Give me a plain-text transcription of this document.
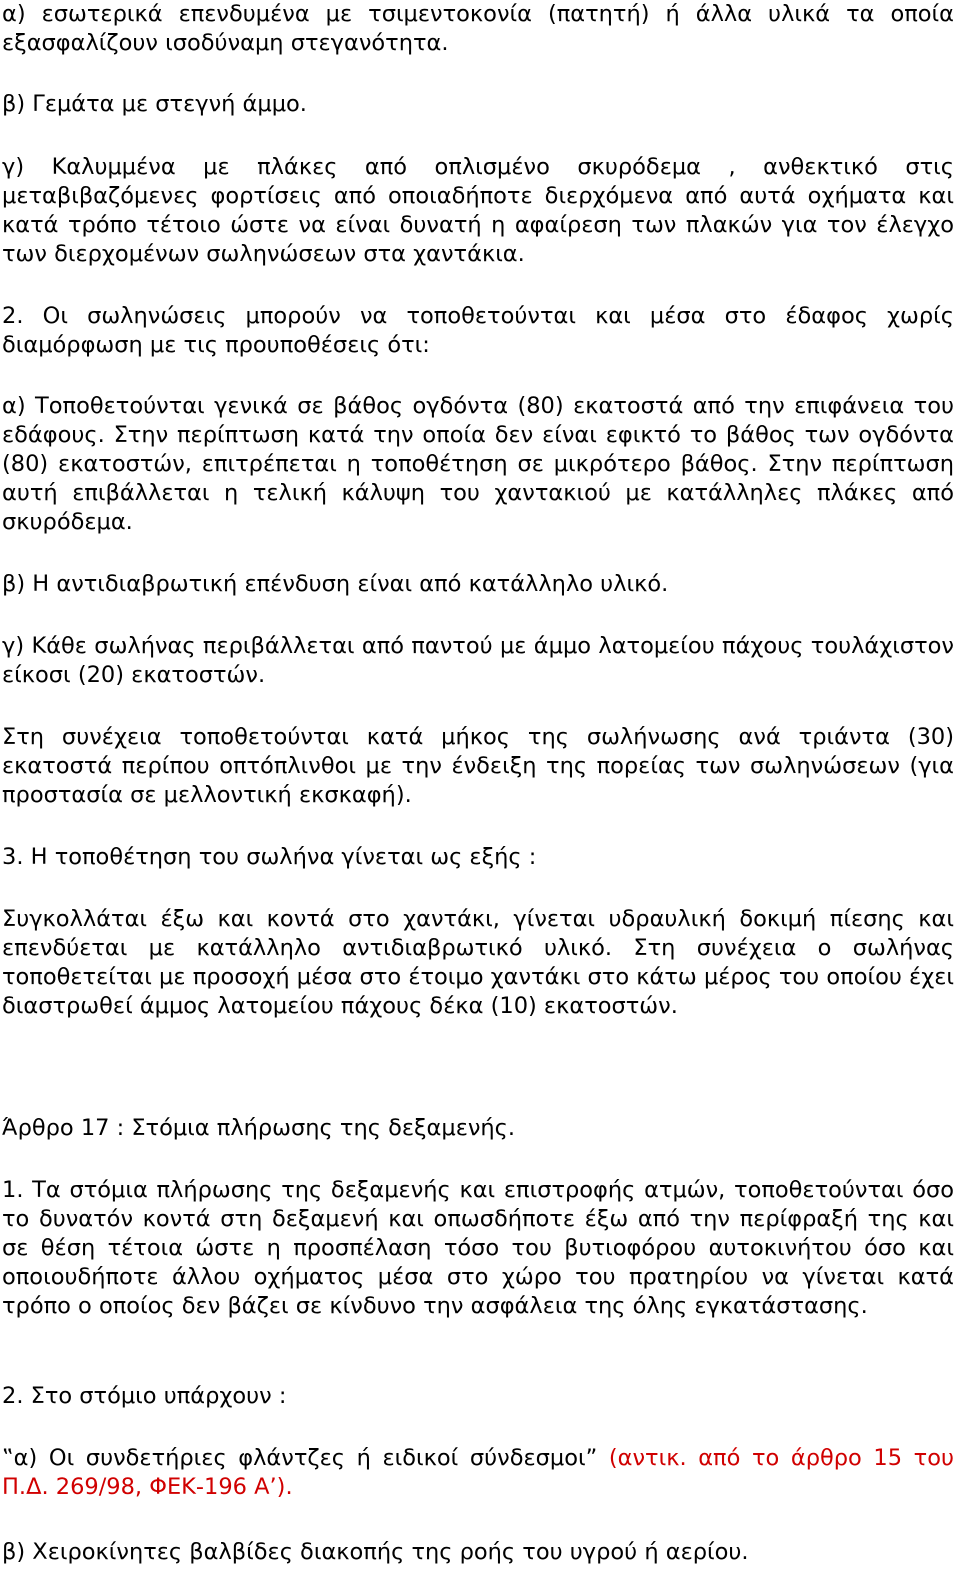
α) εσωτερικά επενδυμένα με τσιμεντοκονία (πατητή) ή άλλα υλικά τα οποία εξασφαλίζουν ισοδύναμη στεγανότητα.

β) Γεμάτα με στεγνή άμμο.

γ) Καλυμμένα με πλάκες από οπλισμένο σκυρόδεμα , ανθεκτικό στις μεταβιβαζόμενες φορτίσεις από οποιαδήποτε διερχόμενα από αυτά οχήματα και κατά τρόπο τέτοιο ώστε να είναι δυνατή η αφαίρεση των πλακών για τον έλεγχο των διερχομένων σωληνώσεων στα χαντάκια.

2. Οι σωληνώσεις μπορούν να τοποθετούνται και μέσα στο έδαφος χωρίς διαμόρφωση με τις προυποθέσεις ότι:

α) Τοποθετούνται γενικά σε βάθος ογδόντα (80) εκατοστά από την επιφάνεια του εδάφους. Στην περίπτωση κατά την οποία δεν είναι εφικτό το βάθος των ογδόντα (80) εκατοστών, επιτρέπεται η τοποθέτηση σε μικρότερο βάθος. Στην περίπτωση αυτή επιβάλλεται η τελική κάλυψη του χαντακιού με κατάλληλες πλάκες από σκυρόδεμα.

β) Η αντιδιαβρωτική επένδυση είναι από κατάλληλο υλικό.

γ) Κάθε σωλήνας περιβάλλεται από παντού με άμμο λατομείου πάχους τουλάχιστον είκοσι (20) εκατοστών.

Στη συνέχεια τοποθετούνται κατά μήκος της σωλήνωσης ανά τριάντα (30) εκατοστά περίπου οπτόπλινθοι με την ένδειξη της πορείας των σωληνώσεων (για προστασία σε μελλοντική εκσκαφή).

3. Η τοποθέτηση του σωλήνα γίνεται ως εξής :

Συγκολλάται έξω και κοντά στο χαντάκι, γίνεται υδραυλική δοκιμή πίεσης και επενδύεται με κατάλληλο αντιδιαβρωτικό υλικό. Στη συνέχεια ο σωλήνας τοποθετείται με προσοχή μέσα στο έτοιμο χαντάκι στο κάτω μέρος του οποίου έχει διαστρωθεί άμμος λατομείου πάχους δέκα (10) εκατοστών.

Άρθρο 17 : Στόμια πλήρωσης της δεξαμενής.

1. Τα στόμια πλήρωσης της δεξαμενής και επιστροφής ατμών, τοποθετούνται όσο το δυνατόν κοντά στη δεξαμενή και οπωσδήποτε έξω από την περίφραξή της και σε θέση τέτοια ώστε η προσπέλαση τόσο του βυτιοφόρου αυτοκινήτου όσο και οποιουδήποτε άλλου οχήματος μέσα στο χώρο του πρατηρίου να γίνεται κατά τρόπο ο οποίος δεν βάζει σε κίνδυνο την ασφάλεια της όλης εγκατάστασης.

2. Στο στόμιο υπάρχουν :

‟α) Οι συνδετήριες φλάντζες ή ειδικοί σύνδεσμοι” (αντικ. από το άρθρο 15 του Π.Δ. 269/98, ΦΕΚ-196 Α’).

β) Χειροκίνητες βαλβίδες διακοπής της ροής του υγρού ή αερίου.
